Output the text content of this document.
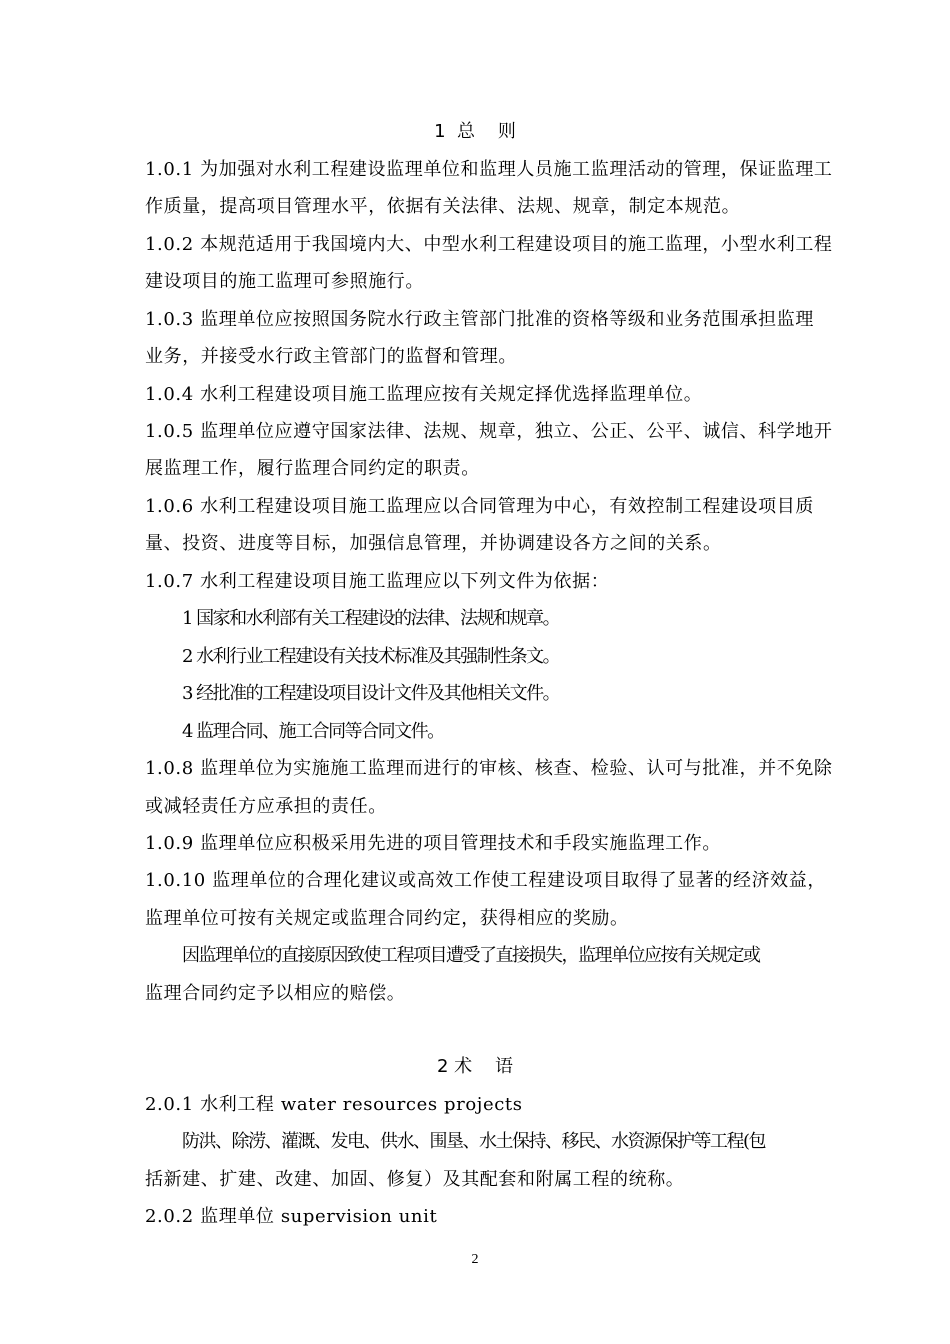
1  总    则
1.0.1 为加强对水利工程建设监理单位和监理人员施工监理活动的管理，保证监理工
作质量，提高项目管理水平，依据有关法律、法规、规章，制定本规范。
1.0.2 本规范适用于我国境内大、中型水利工程建设项目的施工监理，小型水利工程
建设项目的施工监理可参照施行。
1.0.3 监理单位应按照国务院水行政主管部门批准的资格等级和业务范围承担监理
业务，并接受水行政主管部门的监督和管理。
1.0.4 水利工程建设项目施工监理应按有关规定择优选择监理单位。
1.0.5 监理单位应遵守国家法律、法规、规章，独立、公正、公平、诚信、科学地开
展监理工作，履行监理合同约定的职责。
1.0.6 水利工程建设项目施工监理应以合同管理为中心，有效控制工程建设项目质
量、投资、进度等目标，加强信息管理，并协调建设各方之间的关系。
1.0.7 水利工程建设项目施工监理应以下列文件为依据：
1 国家和水利部有关工程建设的法律、法规和规章。
2 水利行业工程建设有关技术标准及其强制性条文。
3 经批准的工程建设项目设计文件及其他相关文件。
4 监理合同、施工合同等合同文件。
1.0.8 监理单位为实施施工监理而进行的审核、核查、检验、认可与批准，并不免除
或减轻责任方应承担的责任。
1.0.9 监理单位应积极采用先进的项目管理技术和手段实施监理工作。
1.0.10 监理单位的合理化建议或高效工作使工程建设项目取得了显著的经济效益，
监理单位可按有关规定或监理合同约定，获得相应的奖励。
因监理单位的直接原因致使工程项目遭受了直接损失，监理单位应按有关规定或
监理合同约定予以相应的赔偿。
2 术    语
2.0.1 水利工程 water resources projects
防洪、除涝、灌溉、发电、供水、围垦、水土保持、移民、水资源保护等工程(包
括新建、扩建、改建、加固、修复）及其配套和附属工程的统称。
2.0.2 监理单位 supervision unit
2
